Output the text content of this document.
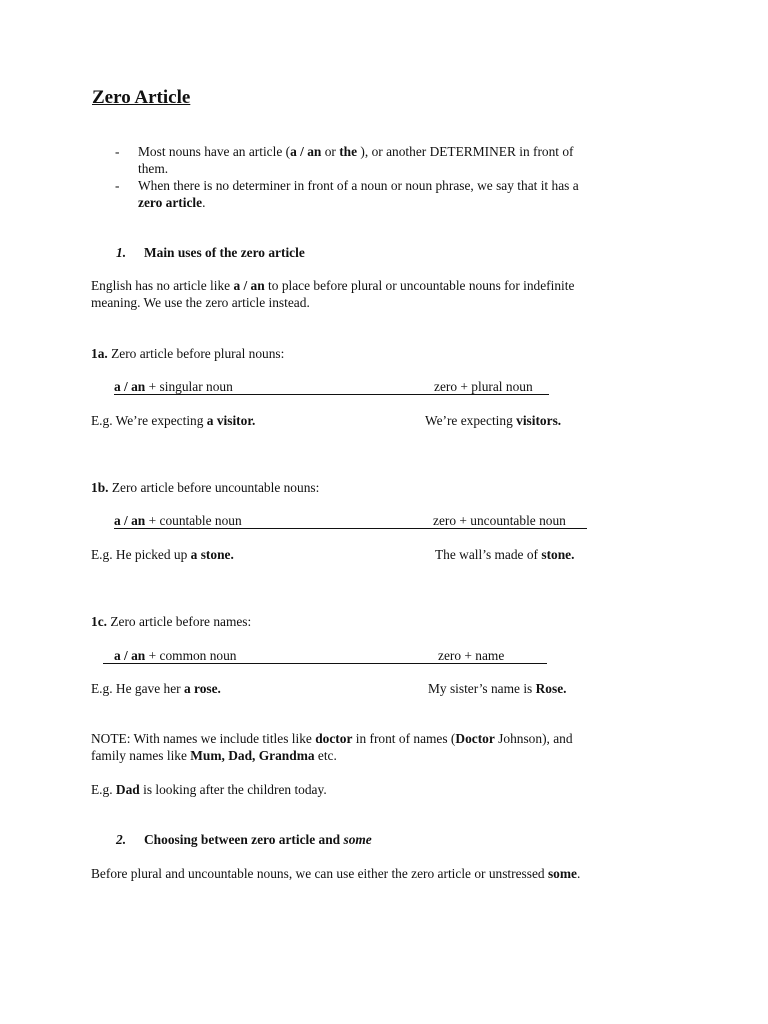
Zero Article
-	Most nouns have an article (a / an or the ), or another DETERMINER in front of
them.
-	When there is no determiner in front of a noun or noun phrase, we say that it has a
zero article.
1. Main uses of the zero article
English has no article like a / an to place before plural or uncountable nouns for indefinite
meaning. We use the zero article instead.
1a. Zero article before plural nouns:
a / an + singular noun	zero + plural noun
E.g. We’re expecting a visitor.	We’re expecting visitors.
1b. Zero article before uncountable nouns:
a / an + countable noun	zero + uncountable noun
E.g. He picked up a stone.	The wall’s made of stone.
1c. Zero article before names:
a / an + common noun	zero + name
E.g. He gave her a rose.	My sister’s name is Rose.
NOTE: With names we include titles like doctor in front of names (Doctor Johnson), and
family names like Mum, Dad, Grandma etc.
E.g. Dad is looking after the children today.
2. Choosing between zero article and some
Before plural and uncountable nouns, we can use either the zero article or unstressed some.
